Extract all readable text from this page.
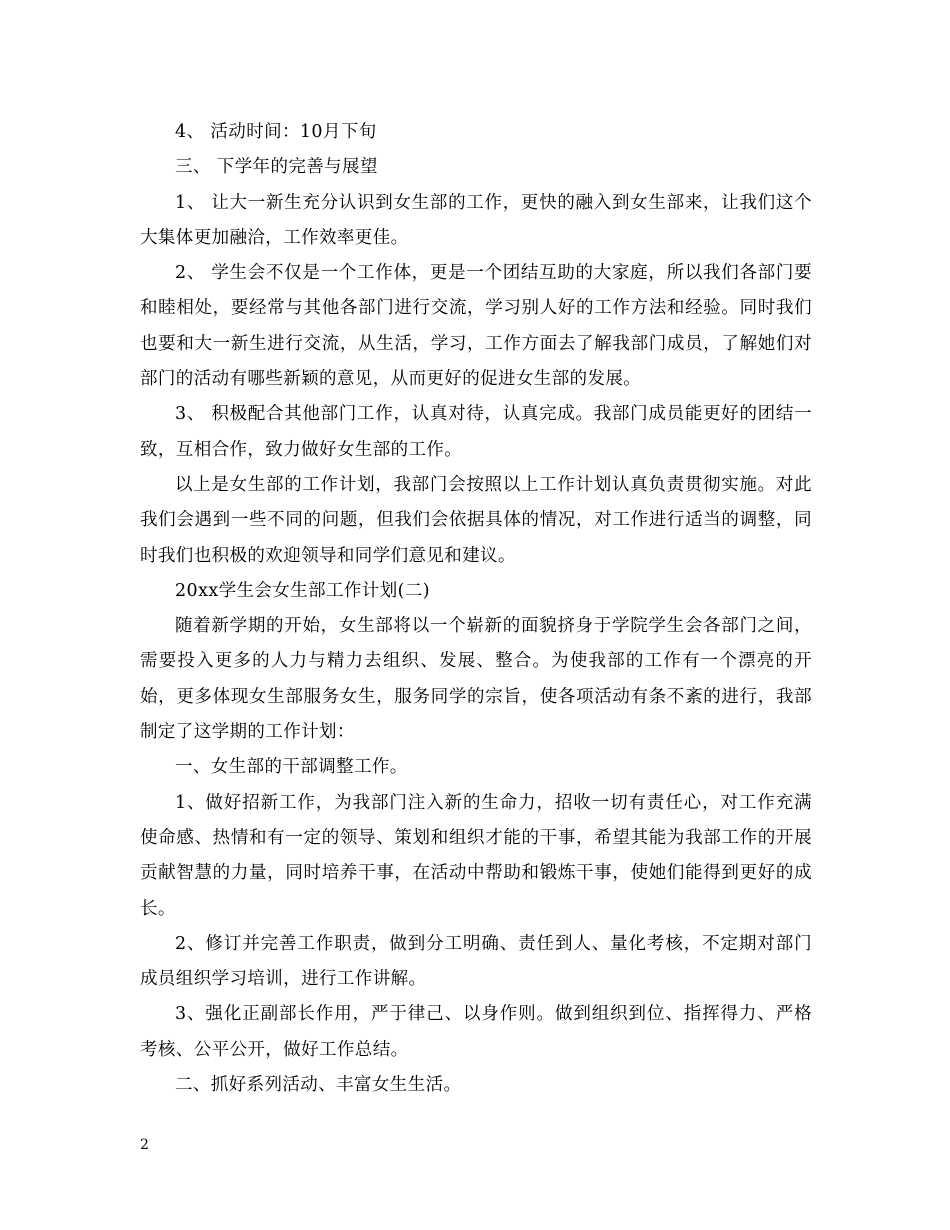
4、 活动时间：10月下旬

三、 下学年的完善与展望

1、 让大一新生充分认识到女生部的工作，更快的融入到女生部来，让我们这个大集体更加融洽，工作效率更佳。

2、 学生会不仅是一个工作体，更是一个团结互助的大家庭，所以我们各部门要和睦相处，要经常与其他各部门进行交流，学习别人好的工作方法和经验。同时我们也要和大一新生进行交流，从生活，学习，工作方面去了解我部门成员，了解她们对部门的活动有哪些新颖的意见，从而更好的促进女生部的发展。

3、 积极配合其他部门工作，认真对待，认真完成。我部门成员能更好的团结一致，互相合作，致力做好女生部的工作。

以上是女生部的工作计划，我部门会按照以上工作计划认真负责贯彻实施。对此我们会遇到一些不同的问题，但我们会依据具体的情况，对工作进行适当的调整，同时我们也积极的欢迎领导和同学们意见和建议。

20xx学生会女生部工作计划(二)

随着新学期的开始，女生部将以一个崭新的面貌挤身于学院学生会各部门之间，需要投入更多的人力与精力去组织、发展、整合。为使我部的工作有一个漂亮的开始，更多体现女生部服务女生，服务同学的宗旨，使各项活动有条不紊的进行，我部制定了这学期的工作计划：

一、女生部的干部调整工作。

1、做好招新工作，为我部门注入新的生命力，招收一切有责任心，对工作充满使命感、热情和有一定的领导、策划和组织才能的干事，希望其能为我部工作的开展贡献智慧的力量，同时培养干事，在活动中帮助和锻炼干事，使她们能得到更好的成长。

2、修订并完善工作职责，做到分工明确、责任到人、量化考核，不定期对部门成员组织学习培训，进行工作讲解。

3、强化正副部长作用，严于律己、以身作则。做到组织到位、指挥得力、严格考核、公平公开，做好工作总结。

二、抓好系列活动、丰富女生生活。

2
